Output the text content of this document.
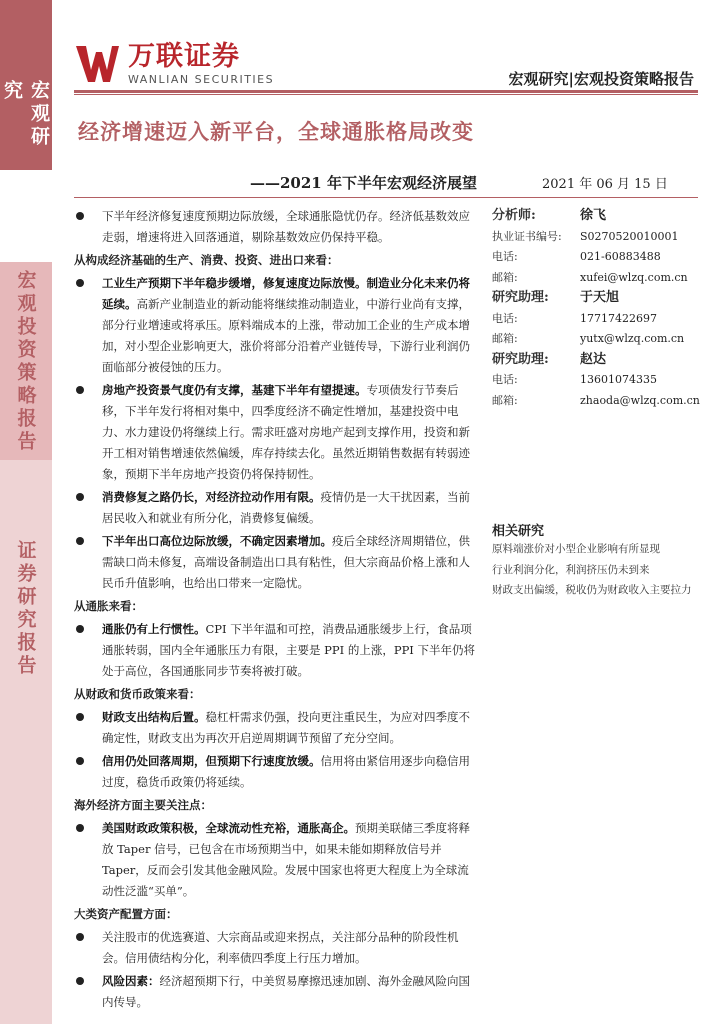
宏观研究
宏观投资策略报告
证券研究报告
万联证券
WANLIAN SECURITIES	宏观研究|宏观投资策略报告
经济增速迈入新平台，全球通胀格局改变
——2021 年下半年宏观经济展望	2021 年 06 月 15 日
下半年经济修复速度预期边际放缓，全球通胀隐忧仍存。经济低基数效应走弱，增速将进入回落通道，剔除基数效应仍保持平稳。
从构成经济基础的生产、消费、投资、进出口来看：
工业生产预期下半年稳步缓增，修复速度边际放慢。制造业分化未来仍将延续。高新产业制造业的新动能将继续推动制造业，中游行业尚有支撑，部分行业增速或将承压。原料端成本的上涨，带动加工企业的生产成本增加，对小型企业影响更大，涨价将部分沿着产业链传导，下游行业利润仍面临部分被侵蚀的压力。
房地产投资景气度仍有支撑，基建下半年有望提速。专项债发行节奏后移，下半年发行将相对集中，四季度经济不确定性增加，基建投资中电力、水力建设仍将继续上行。需求旺盛对房地产起到支撑作用，投资和新开工相对销售增速依然偏缓，库存持续去化。虽然近期销售数据有转弱迹象，预期下半年房地产投资仍将保持韧性。
消费修复之路仍长，对经济拉动作用有限。疫情仍是一大干扰因素，当前居民收入和就业有所分化，消费修复偏缓。
下半年出口高位边际放缓，不确定因素增加。疫后全球经济周期错位，供需缺口尚未修复，高端设备制造出口具有粘性，但大宗商品价格上涨和人民币升值影响，也给出口带来一定隐忧。
从通胀来看：
通胀仍有上行惯性。CPI 下半年温和可控，消费品通胀缓步上行，食品项通胀转弱，国内全年通胀压力有限，主要是 PPI 的上涨，PPI 下半年仍将处于高位，各国通胀同步节奏将被打破。
从财政和货币政策来看：
财政支出结构后置。稳杠杆需求仍强，投向更注重民生，为应对四季度不确定性，财政支出为再次开启逆周期调节预留了充分空间。
信用仍处回落周期，但预期下行速度放缓。信用将由紧信用逐步向稳信用过度，稳货币政策仍将延续。
海外经济方面主要关注点：
美国财政政策积极，全球流动性充裕，通胀高企。预期美联储三季度将释放 Taper 信号，已包含在市场预期当中，如果未能如期释放信号并 Taper，反而会引发其他金融风险。发展中国家也将更大程度上为全球流动性泛滥“买单”。
大类资产配置方面：
关注股市的优选赛道、大宗商品或迎来拐点，关注部分品种的阶段性机会。信用债结构分化，利率债四季度上行压力增加。
风险因素：经济超预期下行，中美贸易摩擦迅速加剧、海外金融风险向国内传导。
分析师:	徐飞
执业证书编号:	S0270520010001
电话:	021-60883488
邮箱:	xufei@wlzq.com.cn
研究助理:	于天旭
电话:	17717422697
邮箱:	yutx@wlzq.com.cn
研究助理:	赵达
电话:	13601074335
邮箱:	zhaoda@wlzq.com.cn
相关研究
原料端涨价对小型企业影响有所显现
行业利润分化，利润挤压仍未到来
财政支出偏缓，税收仍为财政收入主要拉力
